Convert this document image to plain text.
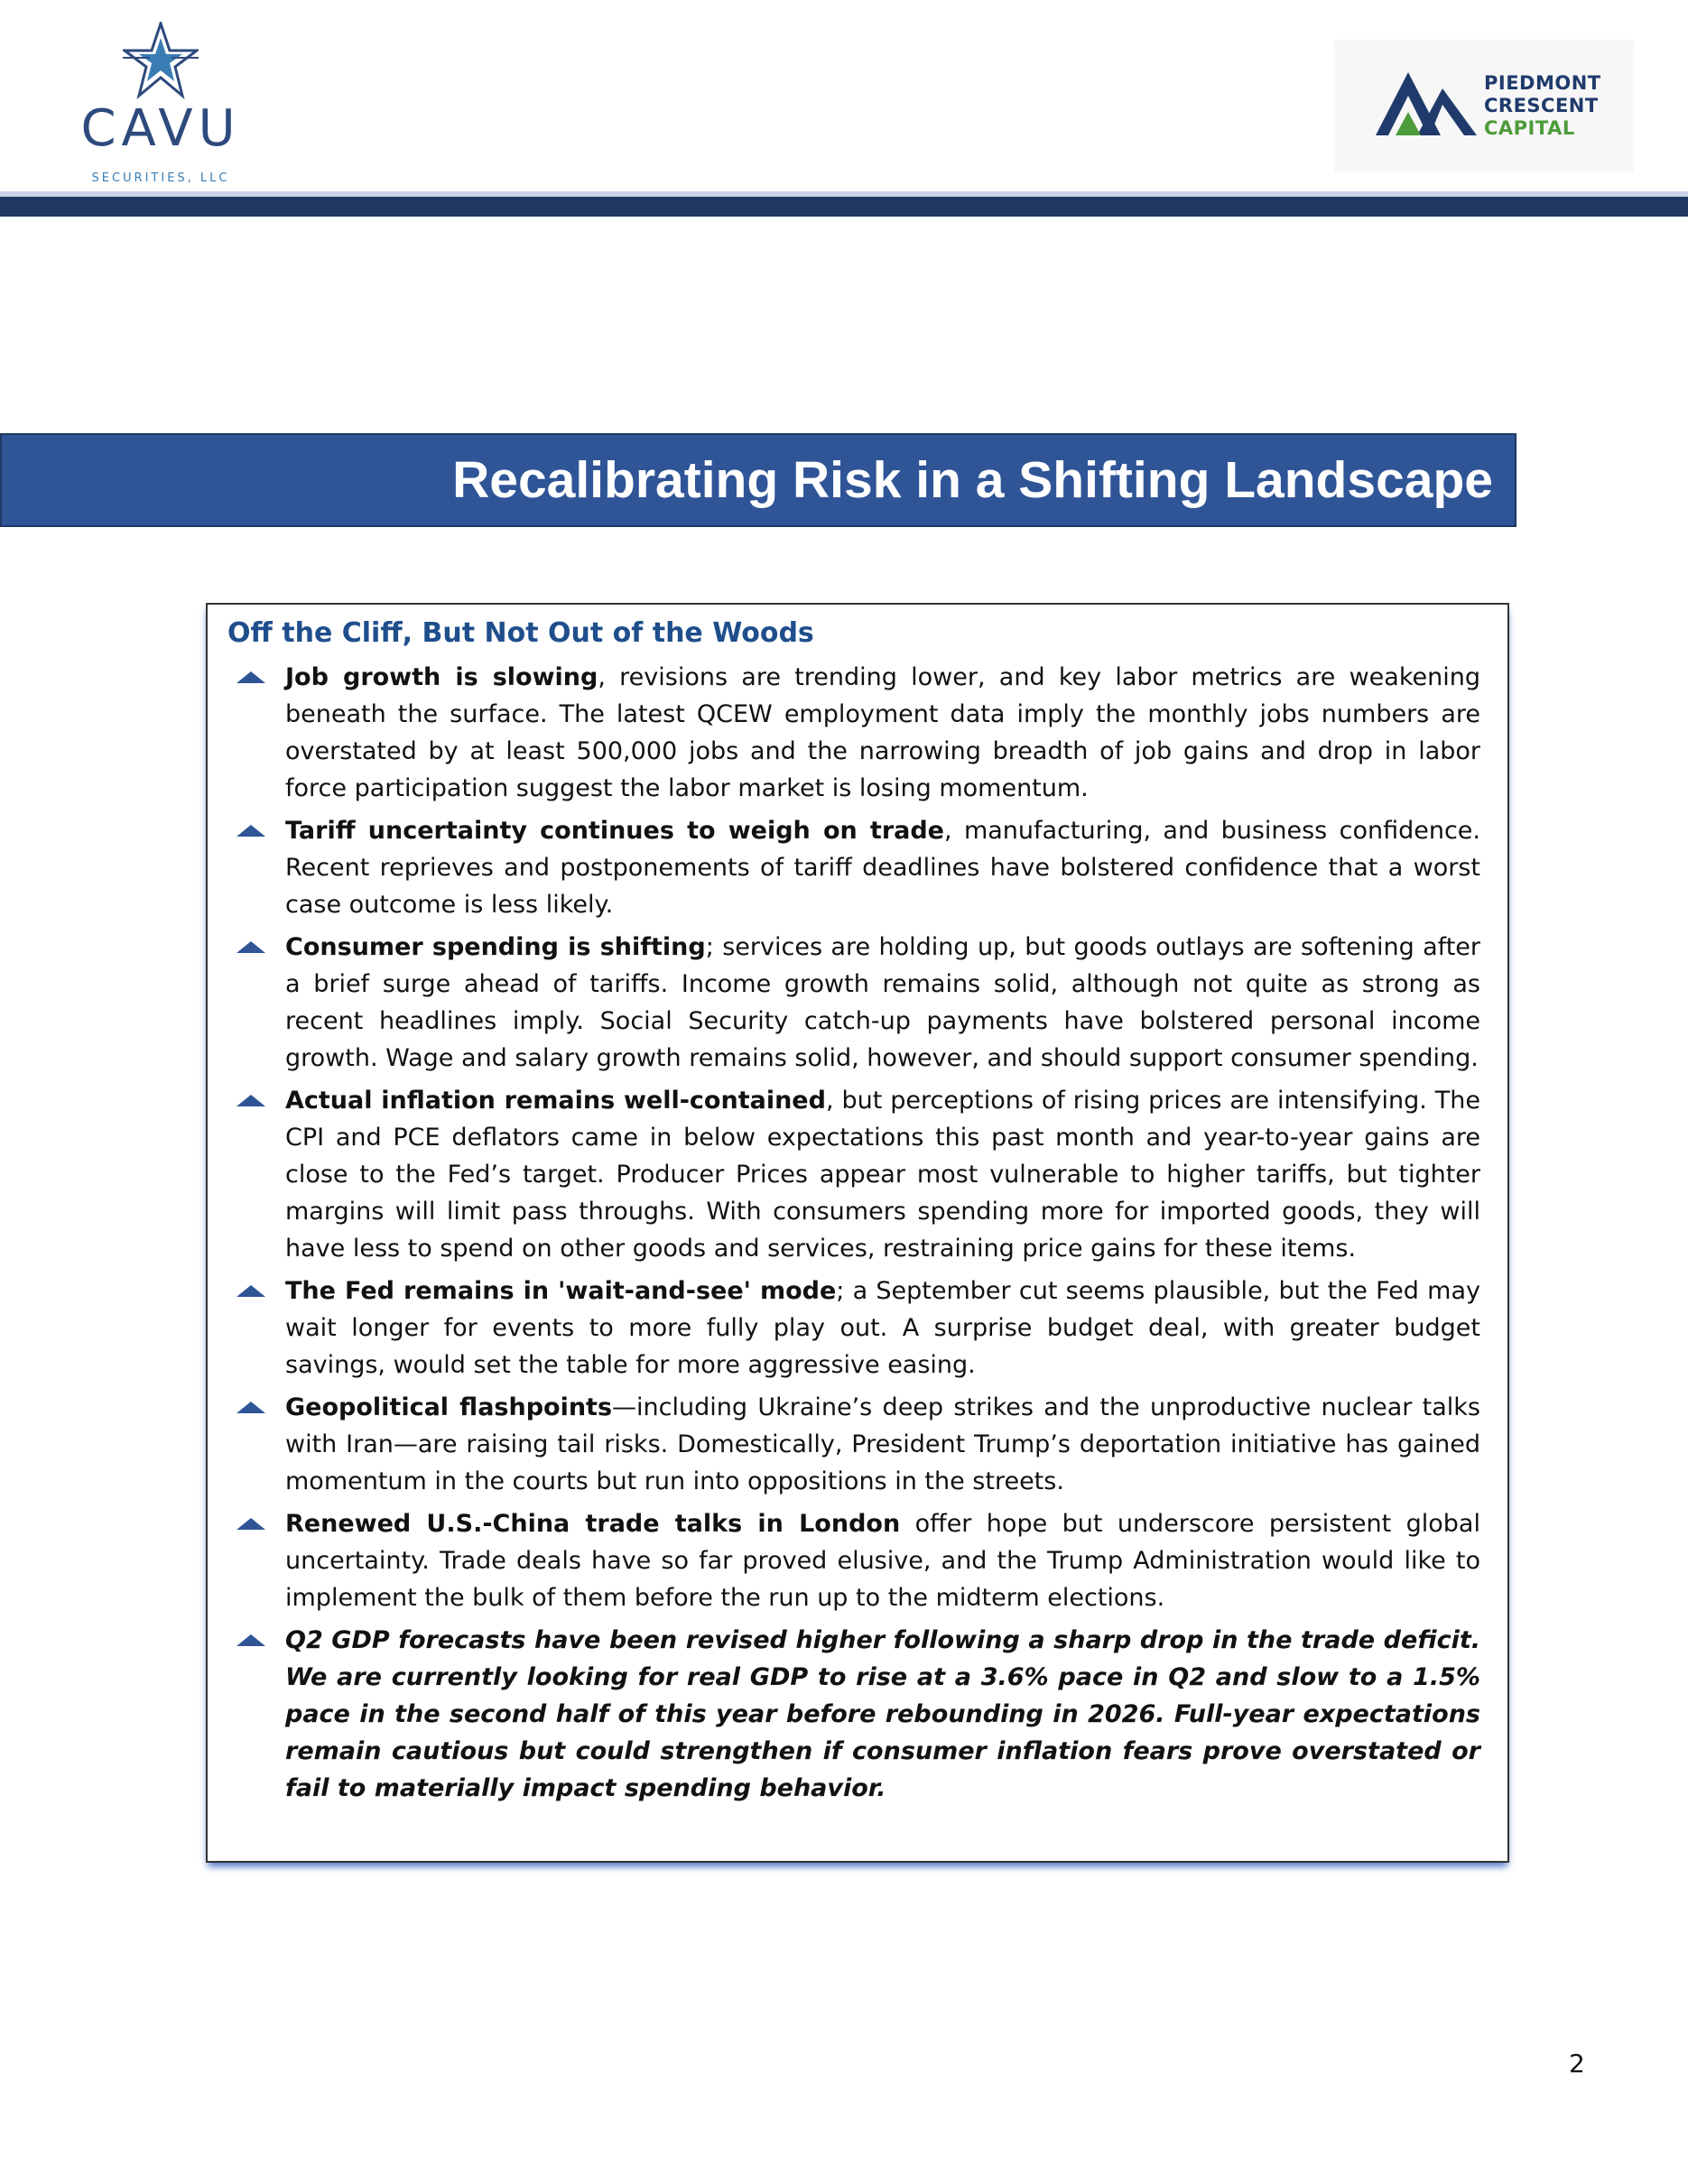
CAVU
SECURITIES, LLC
PIEDMONT
CRESCENT
CAPITAL
Recalibrating Risk in a Shifting Landscape
Off the Cliff, But Not Out of the Woods
Job growth is slowing, revisions are trending lower, and key labor metrics are weakening beneath the surface. The latest QCEW employment data imply the monthly jobs numbers are overstated by at least 500,000 jobs and the narrowing breadth of job gains and drop in labor force participation suggest the labor market is losing momentum.
Tariff uncertainty continues to weigh on trade, manufacturing, and business confidence. Recent reprieves and postponements of tariff deadlines have bolstered confidence that a worst case outcome is less likely.
Consumer spending is shifting; services are holding up, but goods outlays are softening after a brief surge ahead of tariffs. Income growth remains solid, although not quite as strong as recent headlines imply. Social Security catch-up payments have bolstered personal income growth. Wage and salary growth remains solid, however, and should support consumer spending.
Actual inflation remains well-contained, but perceptions of rising prices are intensifying. The CPI and PCE deflators came in below expectations this past month and year-to-year gains are close to the Fed’s target. Producer Prices appear most vulnerable to higher tariffs, but tighter margins will limit pass throughs. With consumers spending more for imported goods, they will have less to spend on other goods and services, restraining price gains for these items.
The Fed remains in 'wait-and-see' mode; a September cut seems plausible, but the Fed may wait longer for events to more fully play out. A surprise budget deal, with greater budget savings, would set the table for more aggressive easing.
Geopolitical flashpoints—including Ukraine’s deep strikes and the unproductive nuclear talks with Iran—are raising tail risks. Domestically, President Trump’s deportation initiative has gained momentum in the courts but run into oppositions in the streets.
Renewed U.S.-China trade talks in London offer hope but underscore persistent global uncertainty. Trade deals have so far proved elusive, and the Trump Administration would like to implement the bulk of them before the run up to the midterm elections.
Q2 GDP forecasts have been revised higher following a sharp drop in the trade deficit. We are currently looking for real GDP to rise at a 3.6% pace in Q2 and slow to a 1.5% pace in the second half of this year before rebounding in 2026. Full-year expectations remain cautious but could strengthen if consumer inflation fears prove overstated or fail to materially impact spending behavior.
2
